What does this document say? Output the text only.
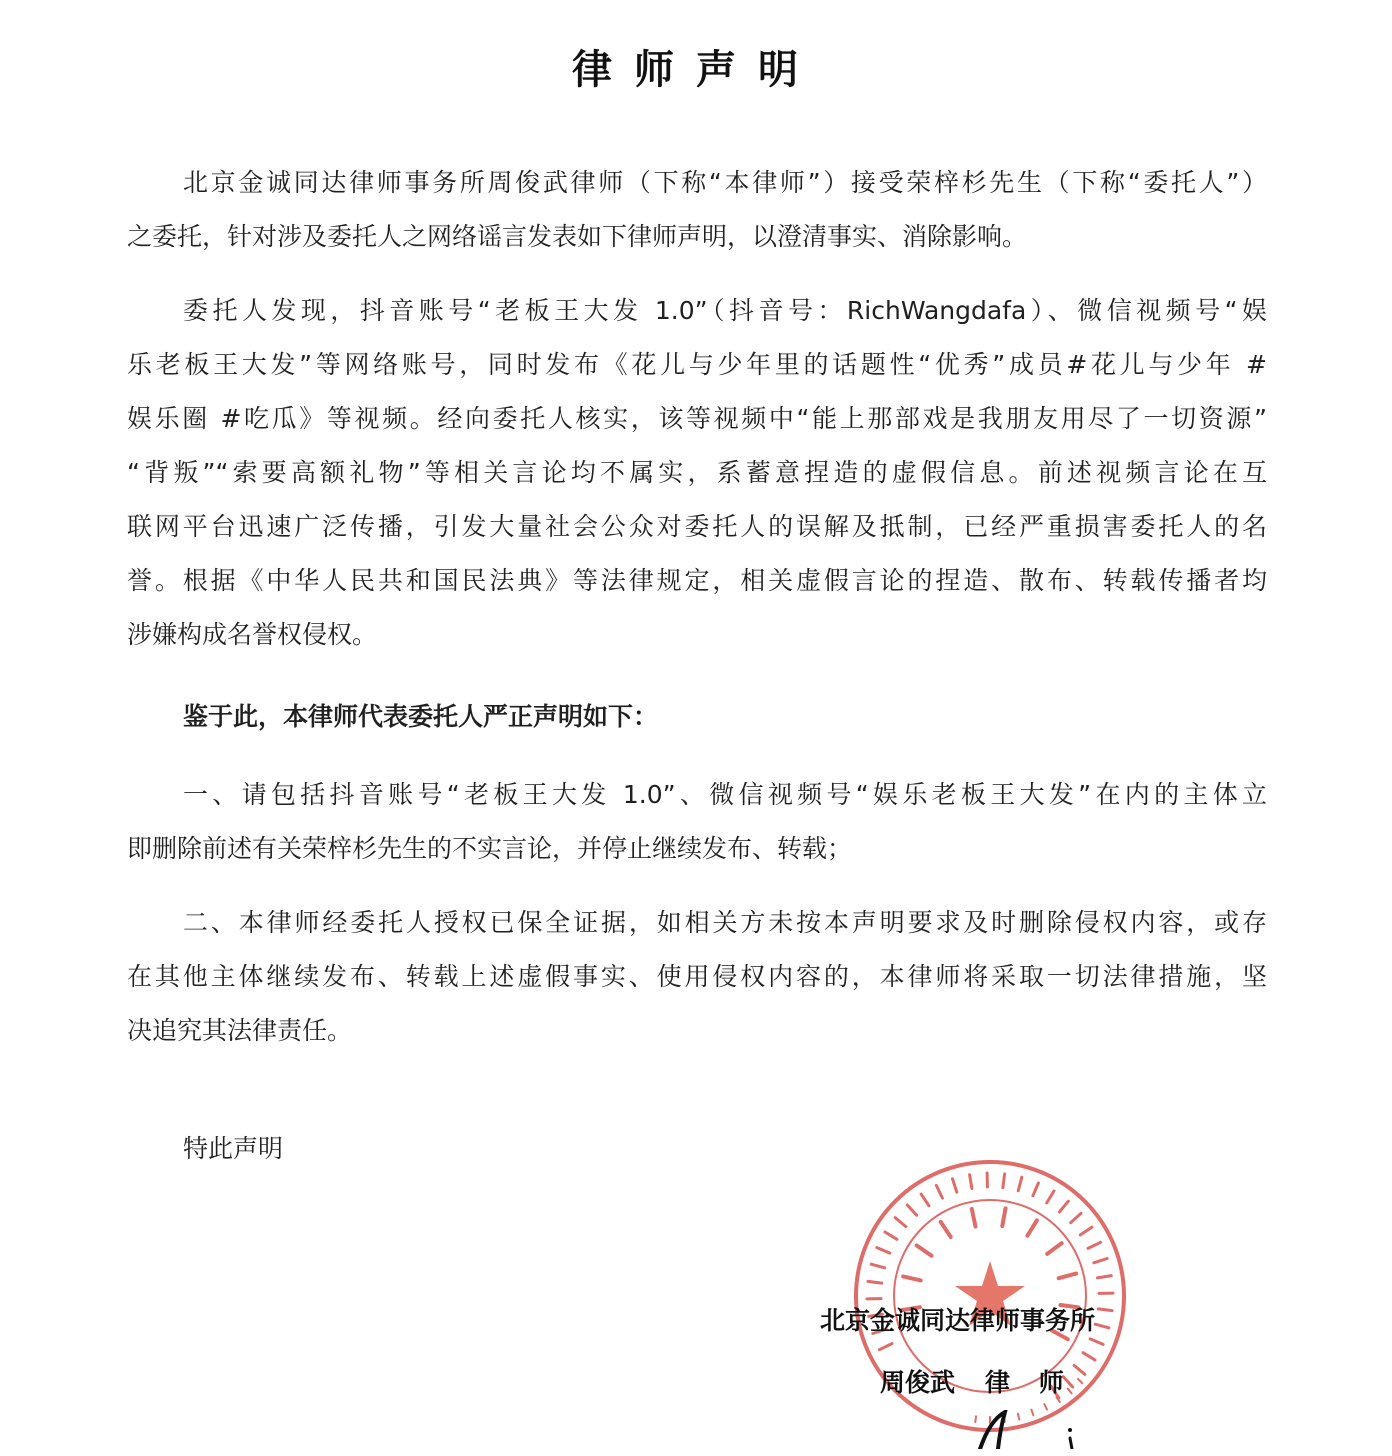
律师声明
北京金诚同达律师事务所周俊武律师（下称“本律师”）接受荣梓杉先生（下称“委托人”）
之委托，针对涉及委托人之网络谣言发表如下律师声明，以澄清事实、消除影响。
委托人发现，抖音账号“老板王大发 1.0”（抖音号：RichWangdafa）、微信视频号“娱
乐老板王大发”等网络账号，同时发布《花儿与少年里的话题性“优秀”成员#花儿与少年 #
娱乐圈 #吃瓜》等视频。经向委托人核实，该等视频中“能上那部戏是我朋友用尽了一切资源”
“背叛”“索要高额礼物”等相关言论均不属实，系蓄意捏造的虚假信息。前述视频言论在互
联网平台迅速广泛传播，引发大量社会公众对委托人的误解及抵制，已经严重损害委托人的名
誉。根据《中华人民共和国民法典》等法律规定，相关虚假言论的捏造、散布、转载传播者均
涉嫌构成名誉权侵权。
鉴于此，本律师代表委托人严正声明如下：
一、请包括抖音账号“老板王大发 1.0”、微信视频号“娱乐老板王大发”在内的主体立
即删除前述有关荣梓杉先生的不实言论，并停止继续发布、转载；
二、本律师经委托人授权已保全证据，如相关方未按本声明要求及时删除侵权内容，或存
在其他主体继续发布、转载上述虚假事实、使用侵权内容的，本律师将采取一切法律措施，坚
决追究其法律责任。
特此声明
北京金诚同达律师事务所
周俊武 律 师
